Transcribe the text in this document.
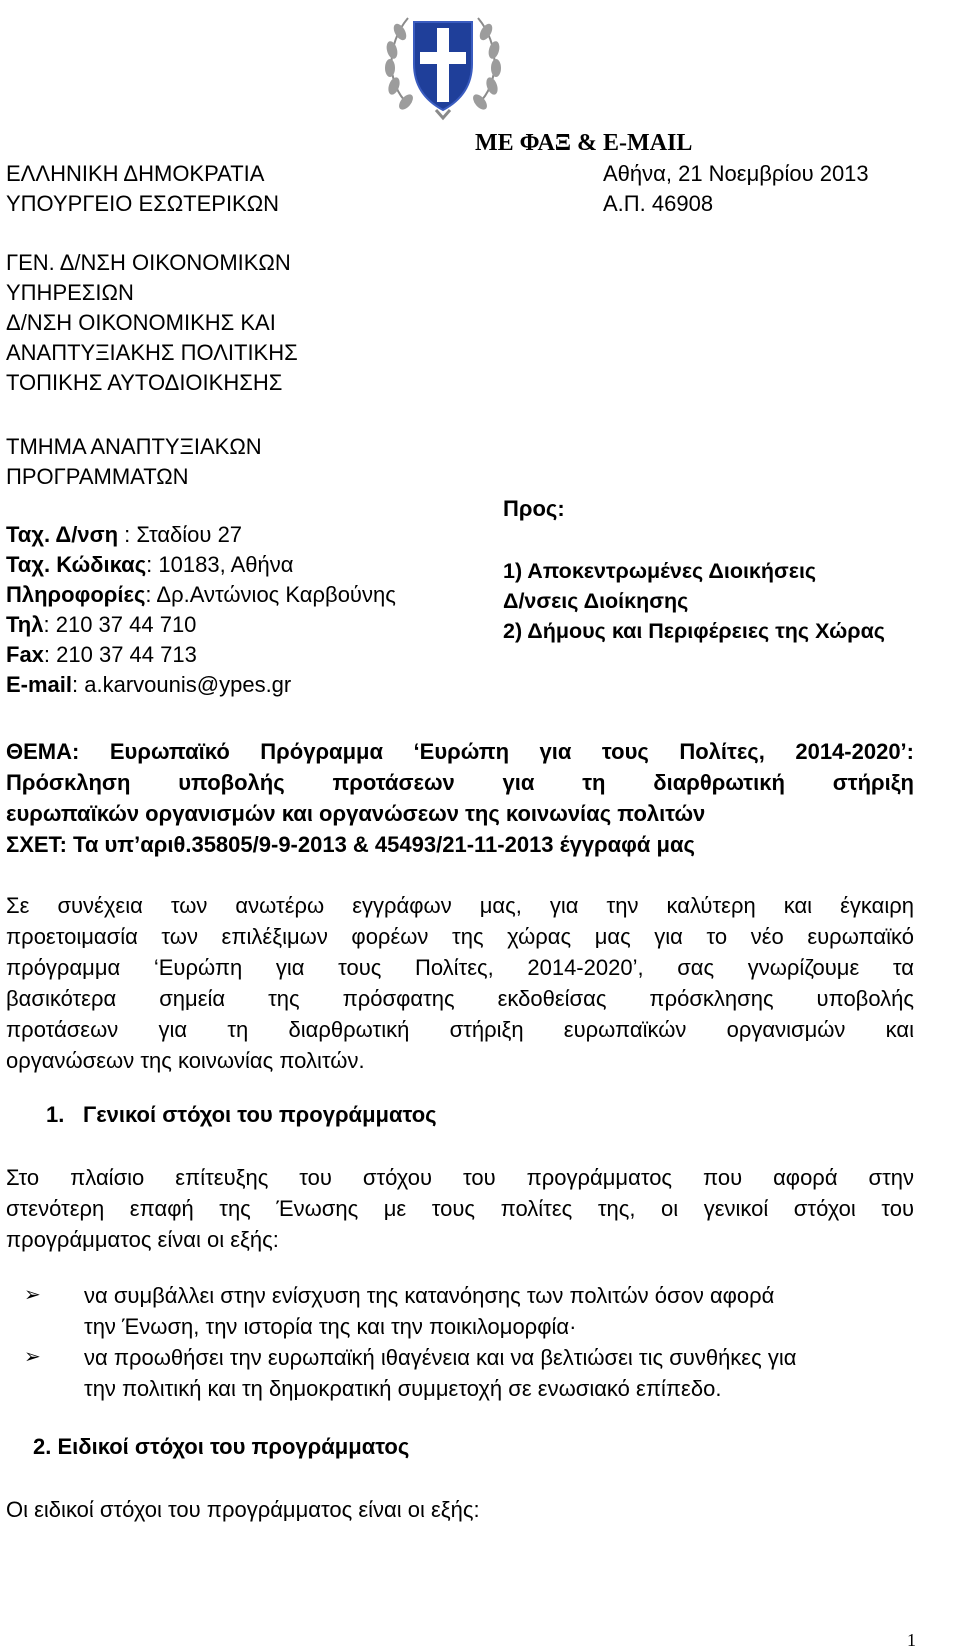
ΜΕ ΦΑΞ & E-MAIL
ΕΛΛΗΝΙΚΗ ΔΗΜΟΚΡΑΤΙΑ
ΥΠΟΥΡΓΕΙΟ ΕΣΩΤΕΡΙΚΩΝ
Αθήνα, 21 Νοεμβρίου 2013
Α.Π. 46908
ΓΕΝ. Δ/ΝΣΗ ΟΙΚΟΝΟΜΙΚΩΝ
ΥΠΗΡΕΣΙΩΝ
Δ/ΝΣΗ ΟΙΚΟΝΟΜΙΚΗΣ ΚΑΙ
ΑΝΑΠΤΥΞΙΑΚΗΣ ΠΟΛΙΤΙΚΗΣ
ΤΟΠΙΚΗΣ ΑΥΤΟΔΙΟΙΚΗΣΗΣ
ΤΜΗΜΑ ΑΝΑΠΤΥΞΙΑΚΩΝ
ΠΡΟΓΡΑΜΜΑΤΩΝ
Ταχ. Δ/νση : Σταδίου 27
Ταχ. Κώδικας: 10183, Αθήνα
Πληροφορίες: Δρ.Αντώνιος Καρβούνης
Τηλ: 210 37 44 710
Fax: 210 37 44 713
E-mail: a.karvounis@ypes.gr
Προς:
1) Αποκεντρωμένες Διοικήσεις
Δ/νσεις Διοίκησης
2) Δήμους και Περιφέρειες της Χώρας
ΘΕΜΑ: Ευρωπαϊκό Πρόγραμμα ‘Ευρώπη για τους Πολίτες, 2014-2020’:
Πρόσκληση υποβολής προτάσεων για τη διαρθρωτική στήριξη
ευρωπαϊκών οργανισμών και οργανώσεων της κοινωνίας πολιτών
ΣΧΕΤ: Τα υπ’αριθ.35805/9-9-2013 & 45493/21-11-2013 έγγραφά μας
Σε συνέχεια των ανωτέρω εγγράφων μας, για την καλύτερη και έγκαιρη
προετοιμασία των επιλέξιμων φορέων της χώρας μας για το νέο ευρωπαϊκό
πρόγραμμα ‘Ευρώπη για τους Πολίτες, 2014-2020’, σας γνωρίζουμε τα
βασικότερα σημεία της πρόσφατης εκδοθείσας πρόσκλησης υποβολής
προτάσεων για τη διαρθρωτική στήριξη ευρωπαϊκών οργανισμών και
οργανώσεων της κοινωνίας πολιτών.
1. Γενικοί στόχοι του προγράμματος
Στο πλαίσιο επίτευξης του στόχου του προγράμματος που αφορά στην
στενότερη επαφή της Ένωσης με τους πολίτες της, οι γενικοί στόχοι του
προγράμματος είναι οι εξής:
➢ να συμβάλλει στην ενίσχυση της κατανόησης των πολιτών όσον αφορά
την Ένωση, την ιστορία της και την ποικιλομορφία·
➢ να προωθήσει την ευρωπαϊκή ιθαγένεια και να βελτιώσει τις συνθήκες για
την πολιτική και τη δημοκρατική συμμετοχή σε ενωσιακό επίπεδο.
2. Ειδικοί στόχοι του προγράμματος
Οι ειδικοί στόχοι του προγράμματος είναι οι εξής:
1
